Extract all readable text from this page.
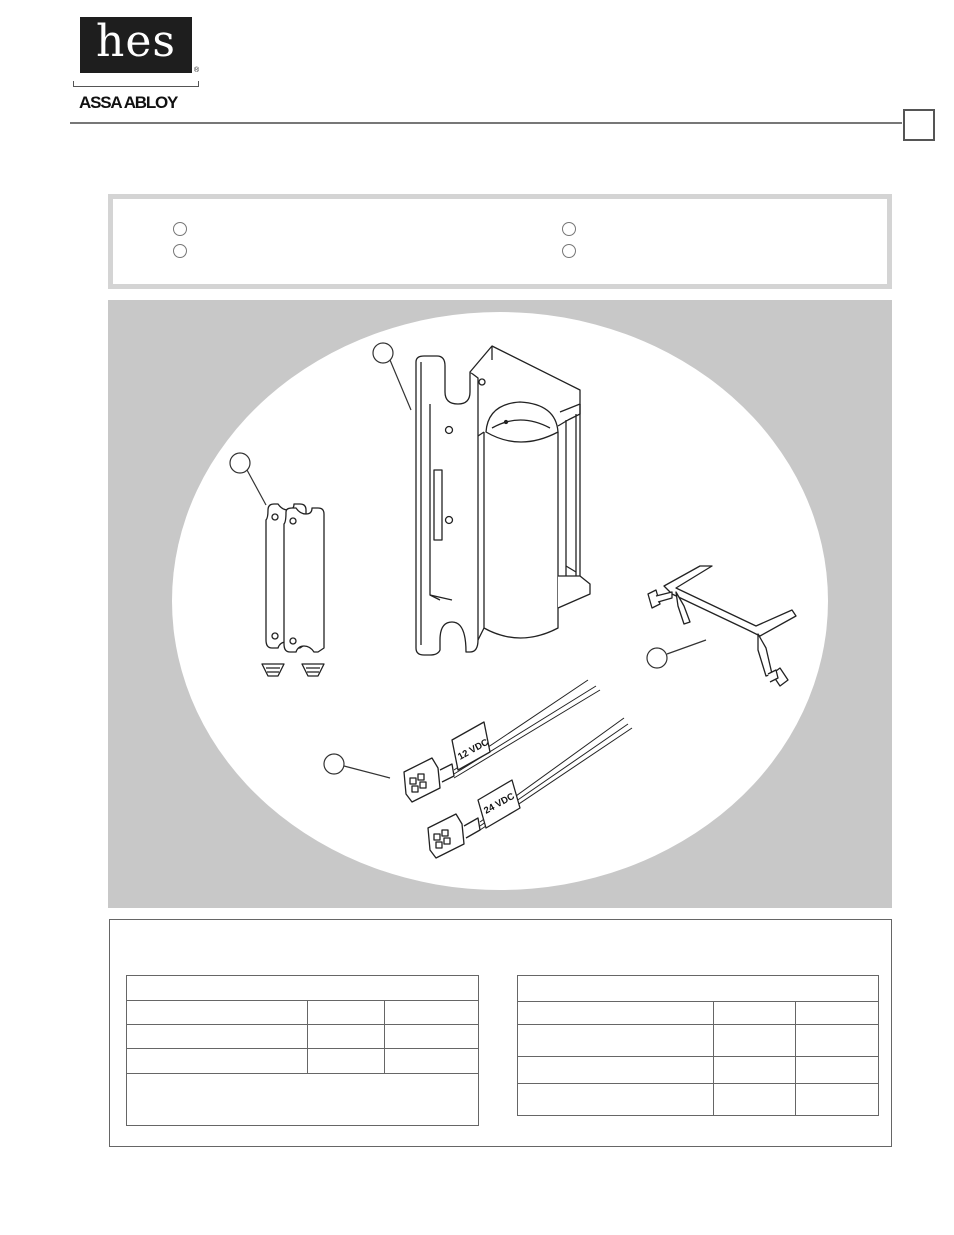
hes
®
ASSA ABLOY
12 VDC
24 VDC
